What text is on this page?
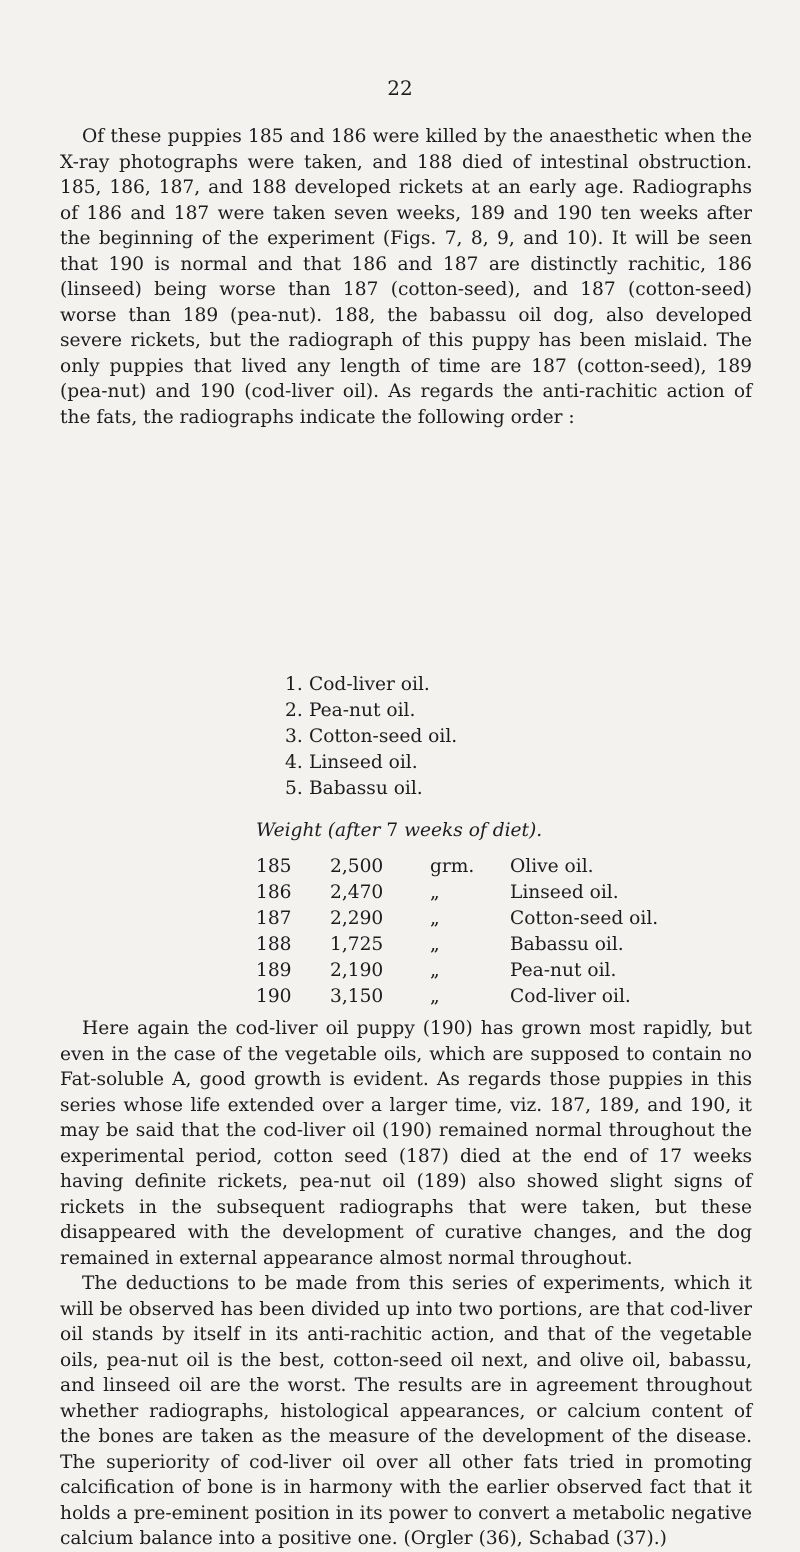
22

Of these puppies 185 and 186 were killed by the anaesthetic when the X-ray photographs were taken, and 188 died of intestinal obstruction. 185, 186, 187, and 188 developed rickets at an early age. Radiographs of 186 and 187 were taken seven weeks, 189 and 190 ten weeks after the beginning of the experiment (Figs. 7, 8, 9, and 10). It will be seen that 190 is normal and that 186 and 187 are distinctly rachitic, 186 (linseed) being worse than 187 (cotton-seed), and 187 (cotton-seed) worse than 189 (pea-nut). 188, the babassu oil dog, also developed severe rickets, but the radiograph of this puppy has been mislaid. The only puppies that lived any length of time are 187 (cotton-seed), 189 (pea-nut) and 190 (cod-liver oil). As regards the anti-rachitic action of the fats, the radiographs indicate the following order :

1. Cod-liver oil.
2. Pea-nut oil.
3. Cotton-seed oil.
4. Linseed oil.
5. Babassu oil.
Weight (after 7 weeks of diet).
185	2,500	grm. Olive oil.
186	2,470	„	Linseed oil.
187	2,290	„	Cotton-seed oil.
188	1,725	„	Babassu oil.
189	2,190	„	Pea-nut oil.
190	3,150	„	Cod-liver oil.

Here again the cod-liver oil puppy (190) has grown most rapidly, but even in the case of the vegetable oils, which are supposed to contain no Fat-soluble A, good growth is evident. As regards those puppies in this series whose life extended over a larger time, viz. 187, 189, and 190, it may be said that the cod-liver oil (190) remained normal throughout the experimental period, cotton seed (187) died at the end of 17 weeks having definite rickets, pea-nut oil (189) also showed slight signs of rickets in the subsequent radiographs that were taken, but these disappeared with the development of curative changes, and the dog remained in external appearance almost normal throughout.

The deductions to be made from this series of experiments, which it will be observed has been divided up into two portions, are that cod-liver oil stands by itself in its anti-rachitic action, and that of the vegetable oils, pea-nut oil is the best, cotton-seed oil next, and olive oil, babassu, and linseed oil are the worst. The results are in agreement throughout whether radiographs, histological appearances, or calcium content of the bones are taken as the measure of the development of the disease. The superiority of cod-liver oil over all other fats tried in promoting calcification of bone is in harmony with the earlier observed fact that it holds a pre-eminent position in its power to convert a metabolic negative calcium balance into a positive one. (Orgler (36), Schabad (37).)
